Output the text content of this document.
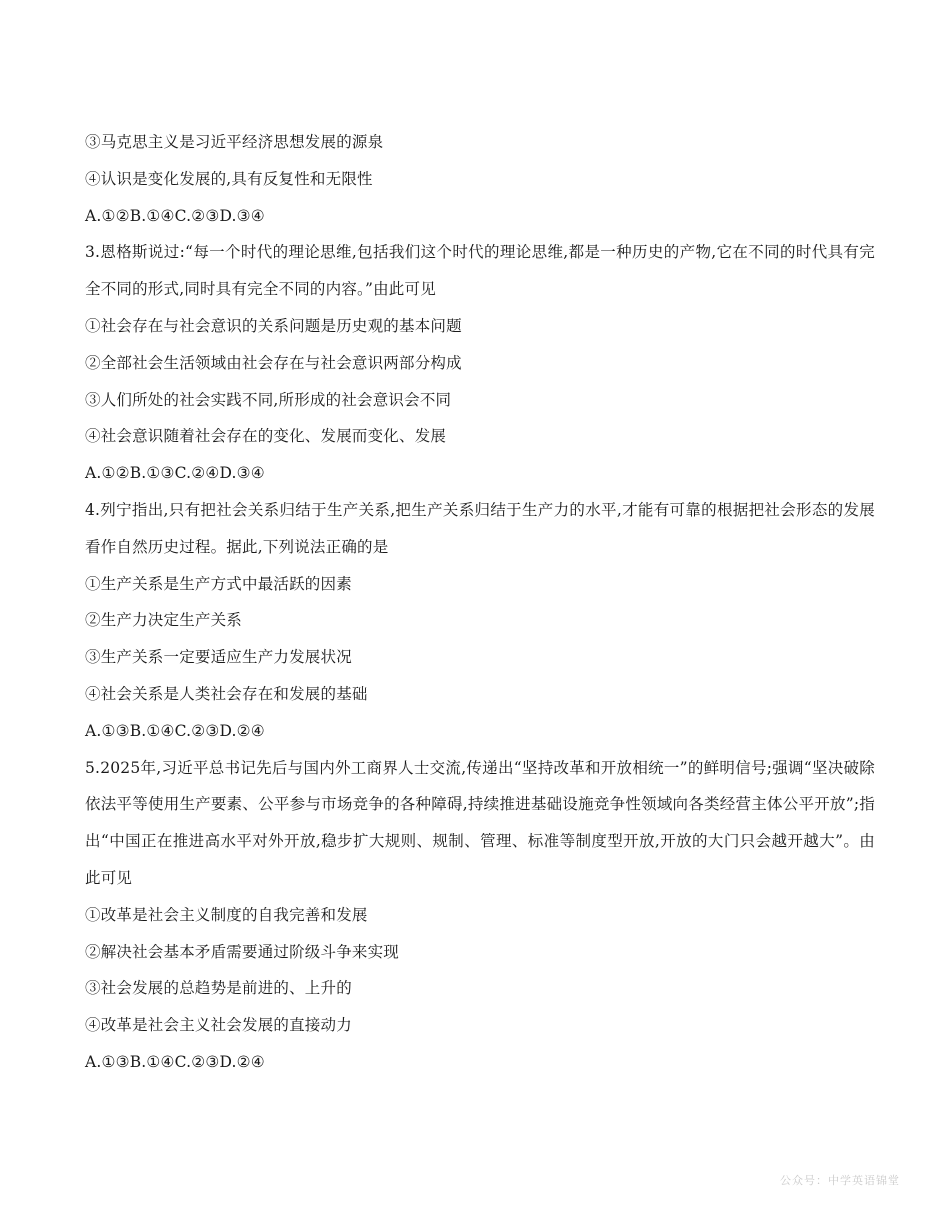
③马克思主义是习近平经济思想发展的源泉
④认识是变化发展的,具有反复性和无限性
A.①②B.①④C.②③D.③④
3.恩格斯说过:“每一个时代的理论思维,包括我们这个时代的理论思维,都是一种历史的产物,它在不同的时代具有完全不同的形式,同时具有完全不同的内容。”由此可见
①社会存在与社会意识的关系问题是历史观的基本问题
②全部社会生活领域由社会存在与社会意识两部分构成
③人们所处的社会实践不同,所形成的社会意识会不同
④社会意识随着社会存在的变化、发展而变化、发展
A.①②B.①③C.②④D.③④
4.列宁指出,只有把社会关系归结于生产关系,把生产关系归结于生产力的水平,才能有可靠的根据把社会形态的发展看作自然历史过程。据此,下列说法正确的是
①生产关系是生产方式中最活跃的因素
②生产力决定生产关系
③生产关系一定要适应生产力发展状况
④社会关系是人类社会存在和发展的基础
A.①③B.①④C.②③D.②④
5.2025年,习近平总书记先后与国内外工商界人士交流,传递出“坚持改革和开放相统一”的鲜明信号;强调“坚决破除依法平等使用生产要素、公平参与市场竞争的各种障碍,持续推进基础设施竞争性领域向各类经营主体公平开放”;指出“中国正在推进高水平对外开放,稳步扩大规则、规制、管理、标准等制度型开放,开放的大门只会越开越大”。由此可见
①改革是社会主义制度的自我完善和发展
②解决社会基本矛盾需要通过阶级斗争来实现
③社会发展的总趋势是前进的、上升的
④改革是社会主义社会发展的直接动力
A.①③B.①④C.②③D.②④
公众号：中学英语锦堂
